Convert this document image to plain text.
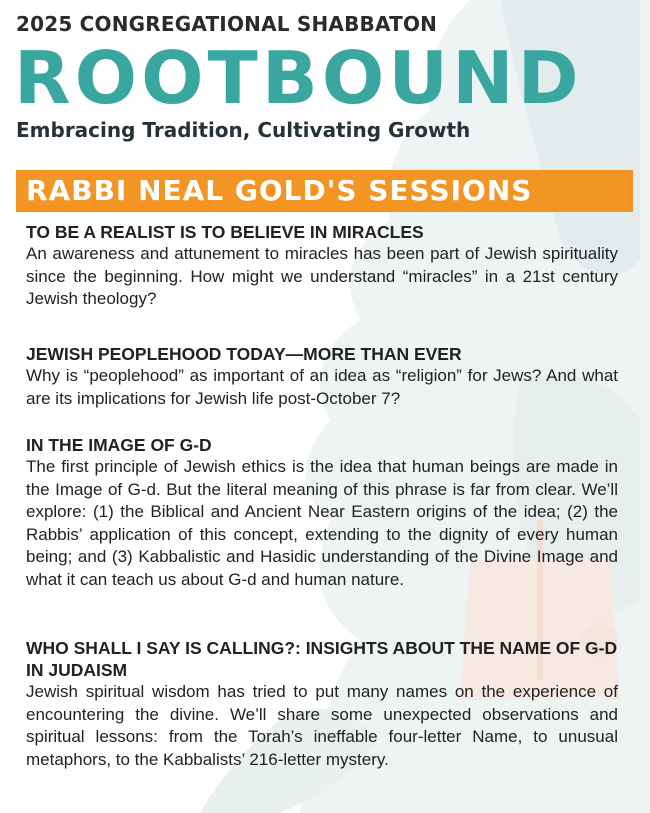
2025 CONGREGATIONAL SHABBATON
ROOTBOUND
Embracing Tradition, Cultivating Growth
RABBI NEAL GOLD'S SESSIONS

TO BE A REALIST IS TO BELIEVE IN MIRACLES

An awareness and attunement to miracles has been part of Jewish spirituality since the beginning. How might we understand “miracles” in a 21st century Jewish theology?

JEWISH PEOPLEHOOD TODAY—MORE THAN EVER

Why is “peoplehood” as important of an idea as “religion” for Jews? And what are its implications for Jewish life post-October 7?

IN THE IMAGE OF G-D

The first principle of Jewish ethics is the idea that human beings are made in the Image of G-d. But the literal meaning of this phrase is far from clear. We’ll explore: (1) the Biblical and Ancient Near Eastern origins of the idea; (2) the Rabbis’ application of this concept, extending to the dignity of every human being; and (3) Kabbalistic and Hasidic understanding of the Divine Image and what it can teach us about G-d and human nature.

WHO SHALL I SAY IS CALLING?: INSIGHTS ABOUT THE NAME OF G-D IN JUDAISM

Jewish spiritual wisdom has tried to put many names on the experience of encountering the divine. We’ll share some unexpected observations and spiritual lessons: from the Torah’s ineffable four-letter Name, to unusual metaphors, to the Kabbalists’ 216-letter mystery.
